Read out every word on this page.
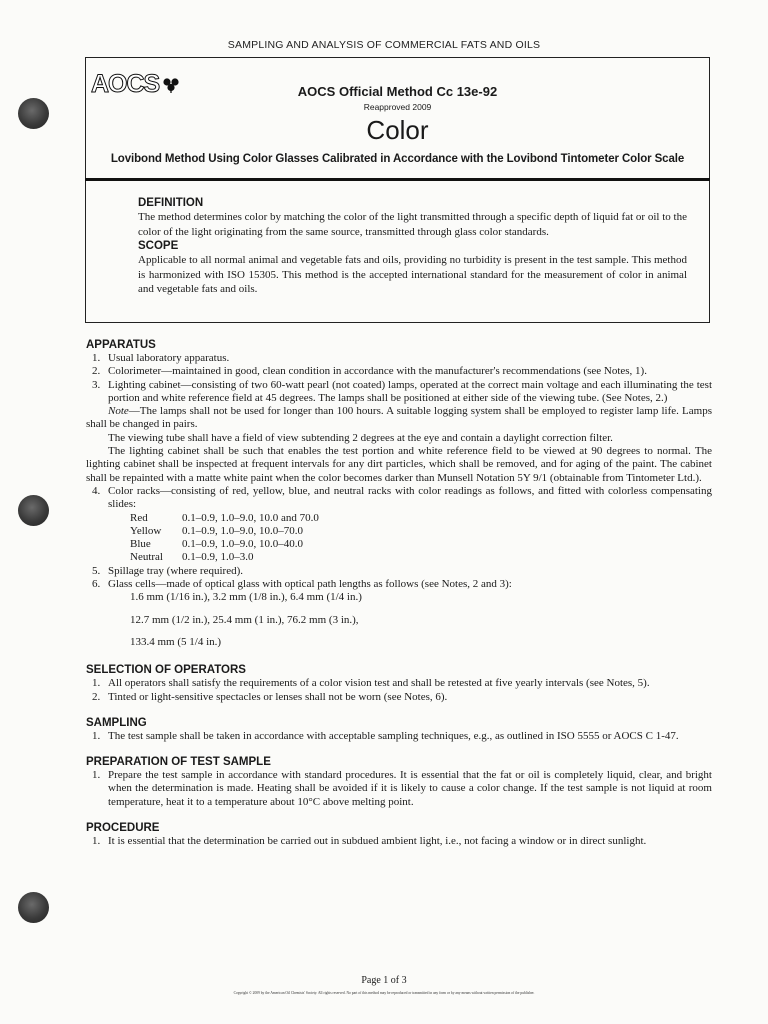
SAMPLING AND ANALYSIS OF COMMERCIAL FATS AND OILS
AOCS	AOCS Official Method Cc 13e-92
Reapproved 2009
Color
Lovibond Method Using Color Glasses Calibrated in Accordance with the Lovibond Tintometer Color Scale
DEFINITION
The method determines color by matching the color of the light transmitted through a specific depth of liquid fat or oil to the color of the light originating from the same source, transmitted through glass color standards.
SCOPE
Applicable to all normal animal and vegetable fats and oils, providing no turbidity is present in the test sample. This method is harmonized with ISO 15305. This method is the accepted international standard for the measurement of color in animal and vegetable fats and oils.
APPARATUS
1. Usual laboratory apparatus.
2. Colorimeter—maintained in good, clean condition in accordance with the manufacturer's recommendations (see Notes, 1).
3. Lighting cabinet—consisting of two 60-watt pearl (not coated) lamps, operated at the correct main voltage and each illuminating the test portion and white reference field at 45 degrees. The lamps shall be positioned at either side of the viewing tube. (See Notes, 2.)
Note—The lamps shall not be used for longer than 100 hours. A suitable logging system shall be employed to register lamp life. Lamps shall be changed in pairs.
The viewing tube shall have a field of view subtending 2 degrees at the eye and contain a daylight correction filter.
The lighting cabinet shall be such that enables the test portion and white reference field to be viewed at 90 degrees to normal. The lighting cabinet shall be inspected at frequent intervals for any dirt particles, which shall be removed, and for aging of the paint. The cabinet shall be repainted with a matte white paint when the color becomes darker than Munsell Notation 5Y 9/1 (obtainable from Tintometer Ltd.).
4. Color racks—consisting of red, yellow, blue, and neutral racks with color readings as follows, and fitted with colorless compensating slides:
Red	0.1–0.9, 1.0–9.0, 10.0 and 70.0
Yellow	0.1–0.9, 1.0–9.0, 10.0–70.0
Blue	0.1–0.9, 1.0–9.0, 10.0–40.0
Neutral	0.1–0.9, 1.0–3.0
5. Spillage tray (where required).
6. Glass cells—made of optical glass with optical path lengths as follows (see Notes, 2 and 3):
1.6 mm (1/16 in.), 3.2 mm (1/8 in.), 6.4 mm (1/4 in.)
12.7 mm (1/2 in.), 25.4 mm (1 in.), 76.2 mm (3 in.),
133.4 mm (5 1/4 in.)
SELECTION OF OPERATORS
1. All operators shall satisfy the requirements of a color vision test and shall be retested at five yearly intervals (see Notes, 5).
2. Tinted or light-sensitive spectacles or lenses shall not be worn (see Notes, 6).
SAMPLING
1. The test sample shall be taken in accordance with acceptable sampling techniques, e.g., as outlined in ISO 5555 or AOCS C 1-47.
PREPARATION OF TEST SAMPLE
1. Prepare the test sample in accordance with standard procedures. It is essential that the fat or oil is completely liquid, clear, and bright when the determination is made. Heating shall be avoided if it is likely to cause a color change. If the test sample is not liquid at room temperature, heat it to a temperature about 10°C above melting point.
PROCEDURE
1. It is essential that the determination be carried out in subdued ambient light, i.e., not facing a window or in direct sunlight.
Page 1 of 3
Copyright © 2009 by the American Oil Chemists' Society. All rights reserved. No part of this method may be reproduced or transmitted in any form or by any means without written permission of the publisher.
